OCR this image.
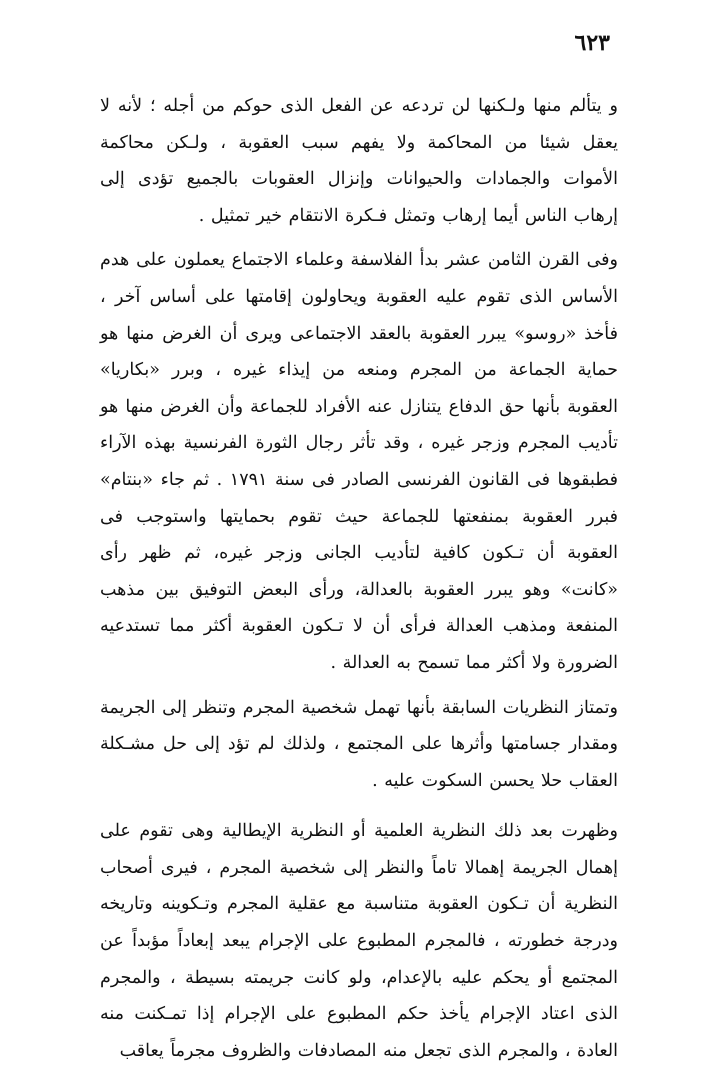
٦٢٣

و يتألم منها ولـكنها لن تردعه عن الفعل الذى حوكم من أجله ؛ لأنه لا يعقل شيئا من المحاكمة ولا يفهم سبب العقوبة ، ولـكن محاكمة الأموات والجمادات والحيوانات وإنزال العقوبات بالجميع تؤدى إلى إرهاب الناس أيما إرهاب وتمثل فـكرة الانتقام خير تمثيل .

وفى القرن الثامن عشر بدأ الفلاسفة وعلماء الاجتماع يعملون على هدم الأساس الذى تقوم عليه العقوبة ويحاولون إقامتها على أساس آخر ، فأخذ «روسو» يبرر العقوبة بالعقد الاجتماعى ويرى أن الغرض منها هو حماية الجماعة من المجرم ومنعه من إيذاء غيره ، وبرر «بكاريا» العقوبة بأنها حق الدفاع يتنازل عنه الأفراد للجماعة وأن الغرض منها هو تأديب المجرم وزجر غيره ، وقد تأثر رجال الثورة الفرنسية بهذه الآراء فطبقوها فى القانون الفرنسى الصادر فى سنة ١٧٩١ . ثم جاء «بنتام» فبرر العقوبة بمنفعتها للجماعة حيث تقوم بحمايتها واستوجب فى العقوبة أن تـكون كافية لتأديب الجانى وزجر غيره، ثم ظهر رأى «كانت» وهو يبرر العقوبة بالعدالة، ورأى البعض التوفيق بين مذهب المنفعة ومذهب العدالة فرأى أن لا تـكون العقوبة أكثر مما تستدعيه الضرورة ولا أكثر مما تسمح به العدالة .

وتمتاز النظريات السابقة بأنها تهمل شخصية المجرم وتنظر إلى الجريمة ومقدار جسامتها وأثرها على المجتمع ، ولذلك لم تؤد إلى حل مشـكلة العقاب حلا يحسن السكوت عليه .

وظهرت بعد ذلك النظرية العلمية أو النظرية الإيطالية وهى تقوم على إهمال الجريمة إهمالا تاماً والنظر إلى شخصية المجرم ، فيرى أصحاب النظرية أن تـكون العقوبة متناسبة مع عقلية المجرم وتـكوينه وتاريخه ودرجة خطورته ، فالمجرم المطبوع على الإجرام يبعد إبعاداً مؤبداً عن المجتمع أو يحكم عليه بالإعدام، ولو كانت جريمته بسيطة ، والمجرم الذى اعتاد الإجرام يأخذ حكم المطبوع على الإجرام إذا تمـكنت منه العادة ، والمجرم الذى تجعل منه المصادفات والظروف مجرماً يعاقب
